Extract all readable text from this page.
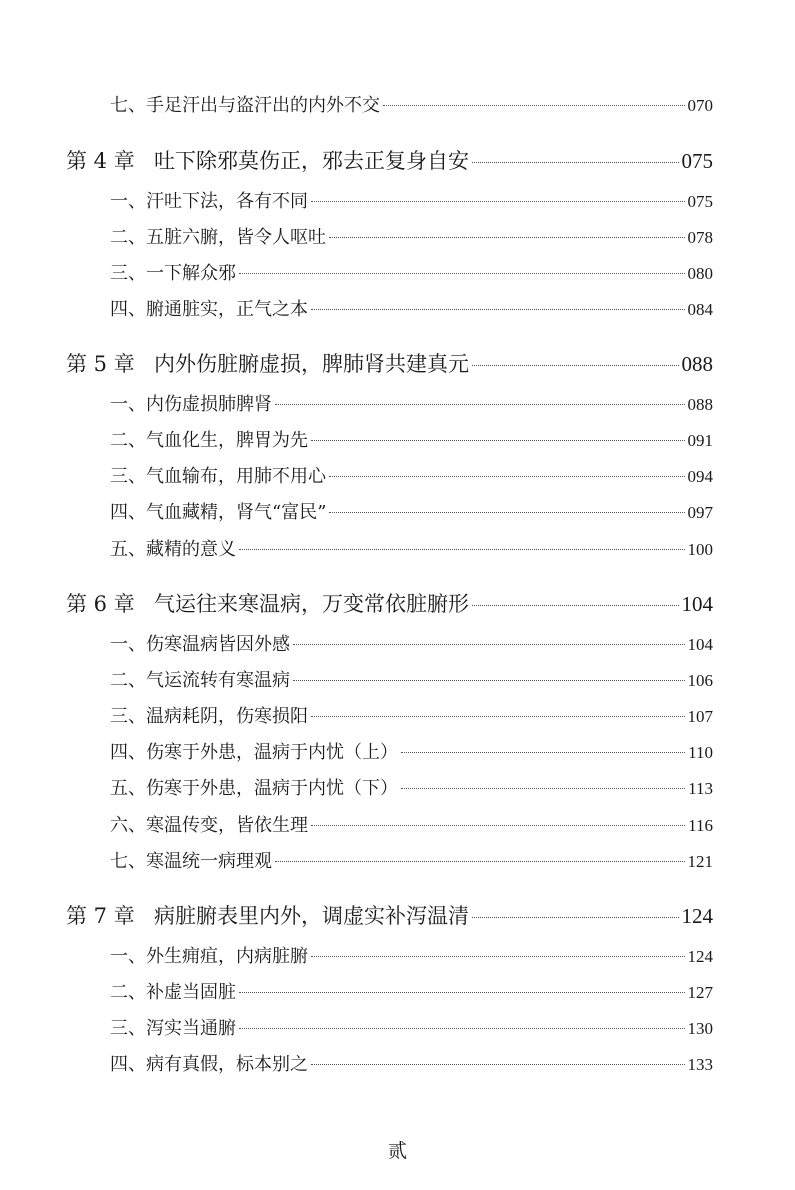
七、手足汗出与盗汗出的内外不交	070
第 4 章 吐下除邪莫伤正，邪去正复身自安	075
一、汗吐下法，各有不同	075
二、五脏六腑，皆令人呕吐	078
三、一下解众邪	080
四、腑通脏实，正气之本	084
第 5 章 内外伤脏腑虚损，脾肺肾共建真元	088
一、内伤虚损肺脾肾	088
二、气血化生，脾胃为先	091
三、气血输布，用肺不用心	094
四、气血藏精，肾气“富民”	097
五、藏精的意义	100
第 6 章 气运往来寒温病，万变常依脏腑形	104
一、伤寒温病皆因外感	104
二、气运流转有寒温病	106
三、温病耗阴，伤寒损阳	107
四、伤寒于外患，温病于内忧（上）	110
五、伤寒于外患，温病于内忧（下）	113
六、寒温传变，皆依生理	116
七、寒温统一病理观	121
第 7 章 病脏腑表里内外，调虚实补泻温清	124
一、外生痈疽，内病脏腑	124
二、补虚当固脏	127
三、泻实当通腑	130
四、病有真假，标本别之	133
贰
